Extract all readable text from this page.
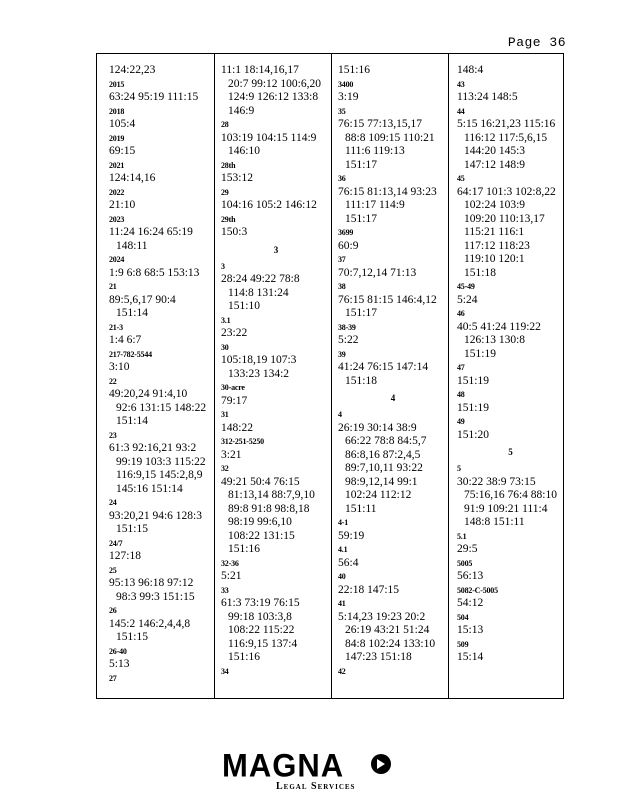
Page 36
124:22,23
2015
63:24 95:19 111:15
2018
105:4
2019
69:15
2021
124:14,16
2022
21:10
2023
11:24 16:24 65:19
148:11
2024
1:9 6:8 68:5 153:13
21
89:5,6,17 90:4
151:14
21-3
1:4 6:7
217-782-5544
3:10
22
49:20,24 91:4,10
92:6 131:15 148:22
151:14
23
61:3 92:16,21 93:2
99:19 103:3 115:22
116:9,15 145:2,8,9
145:16 151:14
24
93:20,21 94:6 128:3
151:15
24/7
127:18
25
95:13 96:18 97:12
98:3 99:3 151:15
26
145:2 146:2,4,4,8
151:15
26-40
5:13
27
11:1 18:14,16,17
20:7 99:12 100:6,20
124:9 126:12 133:8
146:9
28
103:19 104:15 114:9
146:10
28th
153:12
29
104:16 105:2 146:12
29th
150:3
3
3
28:24 49:22 78:8
114:8 131:24
151:10
3.1
23:22
30
105:18,19 107:3
133:23 134:2
30-acre
79:17
31
148:22
312-251-5250
3:21
32
49:21 50:4 76:15
81:13,14 88:7,9,10
89:8 91:8 98:8,18
98:19 99:6,10
108:22 131:15
151:16
32-36
5:21
33
61:3 73:19 76:15
99:18 103:3,8
108:22 115:22
116:9,15 137:4
151:16
34
151:16
3400
3:19
35
76:15 77:13,15,17
88:8 109:15 110:21
111:6 119:13
151:17
36
76:15 81:13,14 93:23
111:17 114:9
151:17
3699
60:9
37
70:7,12,14 71:13
38
76:15 81:15 146:4,12
151:17
38-39
5:22
39
41:24 76:15 147:14
151:18
4
4
26:19 30:14 38:9
66:22 78:8 84:5,7
86:8,16 87:2,4,5
89:7,10,11 93:22
98:9,12,14 99:1
102:24 112:12
151:11
4-1
59:19
4.1
56:4
40
22:18 147:15
41
5:14,23 19:23 20:2
26:19 43:21 51:24
84:8 102:24 133:10
147:23 151:18
42
148:4
43
113:24 148:5
44
5:15 16:21,23 115:16
116:12 117:5,6,15
144:20 145:3
147:12 148:9
45
64:17 101:3 102:8,22
102:24 103:9
109:20 110:13,17
115:21 116:1
117:12 118:23
119:10 120:1
151:18
45-49
5:24
46
40:5 41:24 119:22
126:13 130:8
151:19
47
151:19
48
151:19
49
151:20
5
5
30:22 38:9 73:15
75:16,16 76:4 88:10
91:9 109:21 111:4
148:8 151:11
5.1
29:5
5005
56:13
5082-C-5005
54:12
504
15:13
509
15:14
MAGNA
Legal Services
